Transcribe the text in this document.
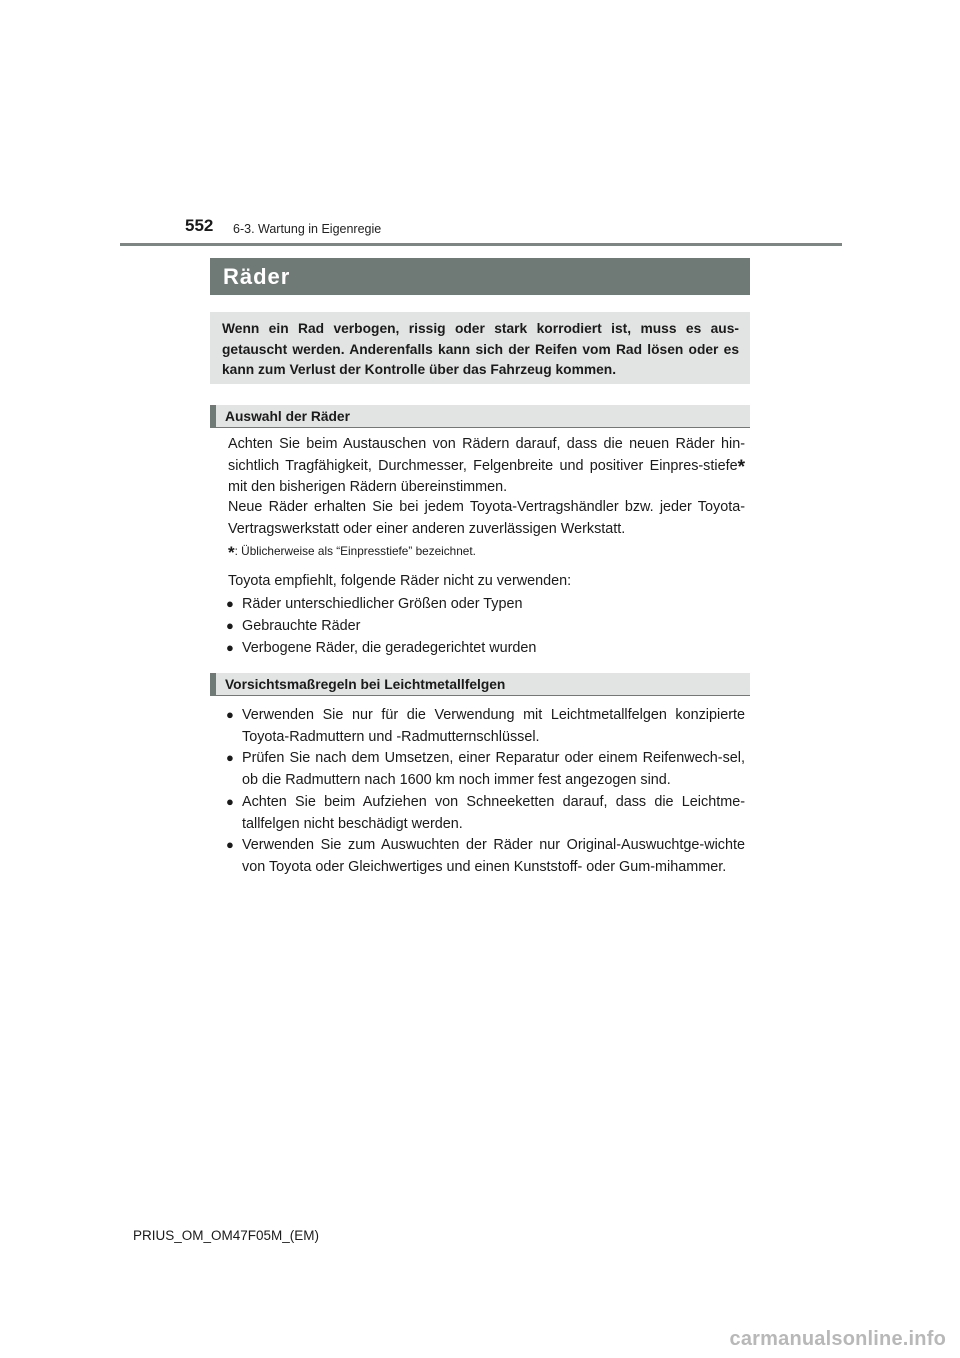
552 6-3. Wartung in Eigenregie
Räder
Wenn ein Rad verbogen, rissig oder stark korrodiert ist, muss es aus-getauscht werden. Anderenfalls kann sich der Reifen vom Rad lösen oder es kann zum Verlust der Kontrolle über das Fahrzeug kommen.
Auswahl der Räder
Achten Sie beim Austauschen von Rädern darauf, dass die neuen Räder hin-sichtlich Tragfähigkeit, Durchmesser, Felgenbreite und positiver Einpres-stiefe* mit den bisherigen Rädern übereinstimmen.
Neue Räder erhalten Sie bei jedem Toyota-Vertragshändler bzw. jeder Toyota-Vertragswerkstatt oder einer anderen zuverlässigen Werkstatt.
*: Üblicherweise als “Einpresstiefe” bezeichnet.
Toyota empfiehlt, folgende Räder nicht zu verwenden:
● Räder unterschiedlicher Größen oder Typen
● Gebrauchte Räder
● Verbogene Räder, die geradegerichtet wurden
Vorsichtsmaßregeln bei Leichtmetallfelgen
● Verwenden Sie nur für die Verwendung mit Leichtmetallfelgen konzipierte Toyota-Radmuttern und -Radmutternschlüssel.
● Prüfen Sie nach dem Umsetzen, einer Reparatur oder einem Reifenwech-sel, ob die Radmuttern nach 1600 km noch immer fest angezogen sind.
● Achten Sie beim Aufziehen von Schneeketten darauf, dass die Leichtme-tallfelgen nicht beschädigt werden.
● Verwenden Sie zum Auswuchten der Räder nur Original-Auswuchtge-wichte von Toyota oder Gleichwertiges und einen Kunststoff- oder Gum-mihammer.
PRIUS_OM_OM47F05M_(EM)
carmanualsonline.info
